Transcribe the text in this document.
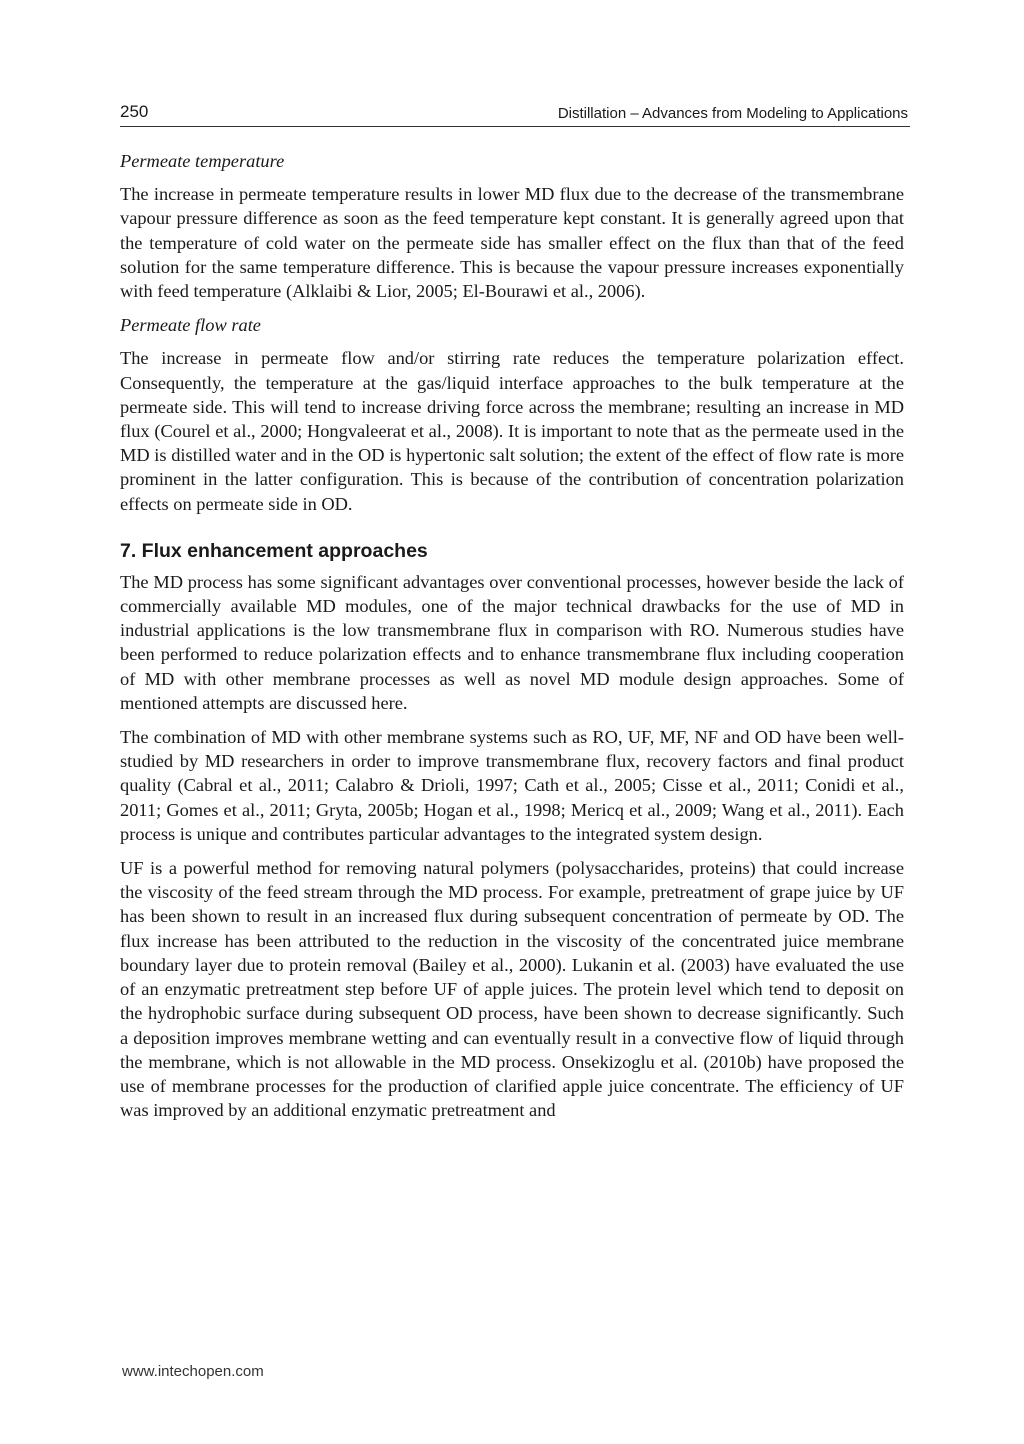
250	Distillation – Advances from Modeling to Applications

Permeate temperature

The increase in permeate temperature results in lower MD flux due to the decrease of the transmembrane vapour pressure difference as soon as the feed temperature kept constant. It is generally agreed upon that the temperature of cold water on the permeate side has smaller effect on the flux than that of the feed solution for the same temperature difference. This is because the vapour pressure increases exponentially with feed temperature (Alklaibi & Lior, 2005; El-Bourawi et al., 2006).

Permeate flow rate

The increase in permeate flow and/or stirring rate reduces the temperature polarization effect. Consequently, the temperature at the gas/liquid interface approaches to the bulk temperature at the permeate side. This will tend to increase driving force across the membrane; resulting an increase in MD flux (Courel et al., 2000; Hongvaleerat et al., 2008). It is important to note that as the permeate used in the MD is distilled water and in the OD is hypertonic salt solution; the extent of the effect of flow rate is more prominent in the latter configuration. This is because of the contribution of concentration polarization effects on permeate side in OD.

7. Flux enhancement approaches

The MD process has some significant advantages over conventional processes, however beside the lack of commercially available MD modules, one of the major technical drawbacks for the use of MD in industrial applications is the low transmembrane flux in comparison with RO. Numerous studies have been performed to reduce polarization effects and to enhance transmembrane flux including cooperation of MD with other membrane processes as well as novel MD module design approaches. Some of mentioned attempts are discussed here.

The combination of MD with other membrane systems such as RO, UF, MF, NF and OD have been well-studied by MD researchers in order to improve transmembrane flux, recovery factors and final product quality (Cabral et al., 2011; Calabro & Drioli, 1997; Cath et al., 2005; Cisse et al., 2011; Conidi et al., 2011; Gomes et al., 2011; Gryta, 2005b; Hogan et al., 1998; Mericq et al., 2009; Wang et al., 2011). Each process is unique and contributes particular advantages to the integrated system design.

UF is a powerful method for removing natural polymers (polysaccharides, proteins) that could increase the viscosity of the feed stream through the MD process. For example, pretreatment of grape juice by UF has been shown to result in an increased flux during subsequent concentration of permeate by OD. The flux increase has been attributed to the reduction in the viscosity of the concentrated juice membrane boundary layer due to protein removal (Bailey et al., 2000). Lukanin et al. (2003) have evaluated the use of an enzymatic pretreatment step before UF of apple juices. The protein level which tend to deposit on the hydrophobic surface during subsequent OD process, have been shown to decrease significantly. Such a deposition improves membrane wetting and can eventually result in a convective flow of liquid through the membrane, which is not allowable in the MD process. Onsekizoglu et al. (2010b) have proposed the use of membrane processes for the production of clarified apple juice concentrate. The efficiency of UF was improved by an additional enzymatic pretreatment and

www.intechopen.com
